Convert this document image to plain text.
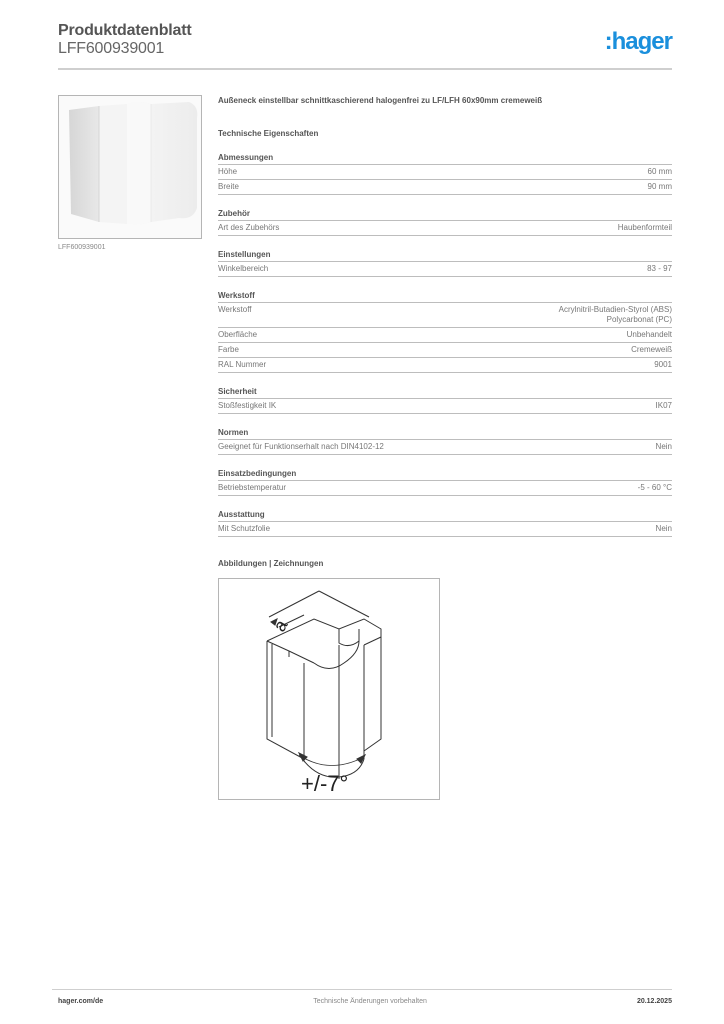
Produktdatenblatt
LFF600939001	:hager
LFF600939001
Außeneck einstellbar schnittkaschierend halogenfrei zu LF/LFH 60x90mm cremeweiß
Technische Eigenschaften
Abmessungen
Höhe	60 mm
Breite	90 mm
Zubehör
Art des Zubehörs	Haubenformteil
Einstellungen
Winkelbereich	83 - 97
Werkstoff
Werkstoff	Acrylnitril-Butadien-Styrol (ABS)
Polycarbonat (PC)
Oberfläche	Unbehandelt
Farbe	Cremeweiß
RAL Nummer	9001
Sicherheit
Stoßfestigkeit IK	IK07
Normen
Geeignet für Funktionserhalt nach DIN4102-12	Nein
Einsatzbedingungen
Betriebstemperatur	-5 - 60 °C
Ausstattung
Mit Schutzfolie	Nein
Abbildungen | Zeichnungen
a
+/-7°
hager.com/de	Technische Änderungen vorbehalten	20.12.2025
